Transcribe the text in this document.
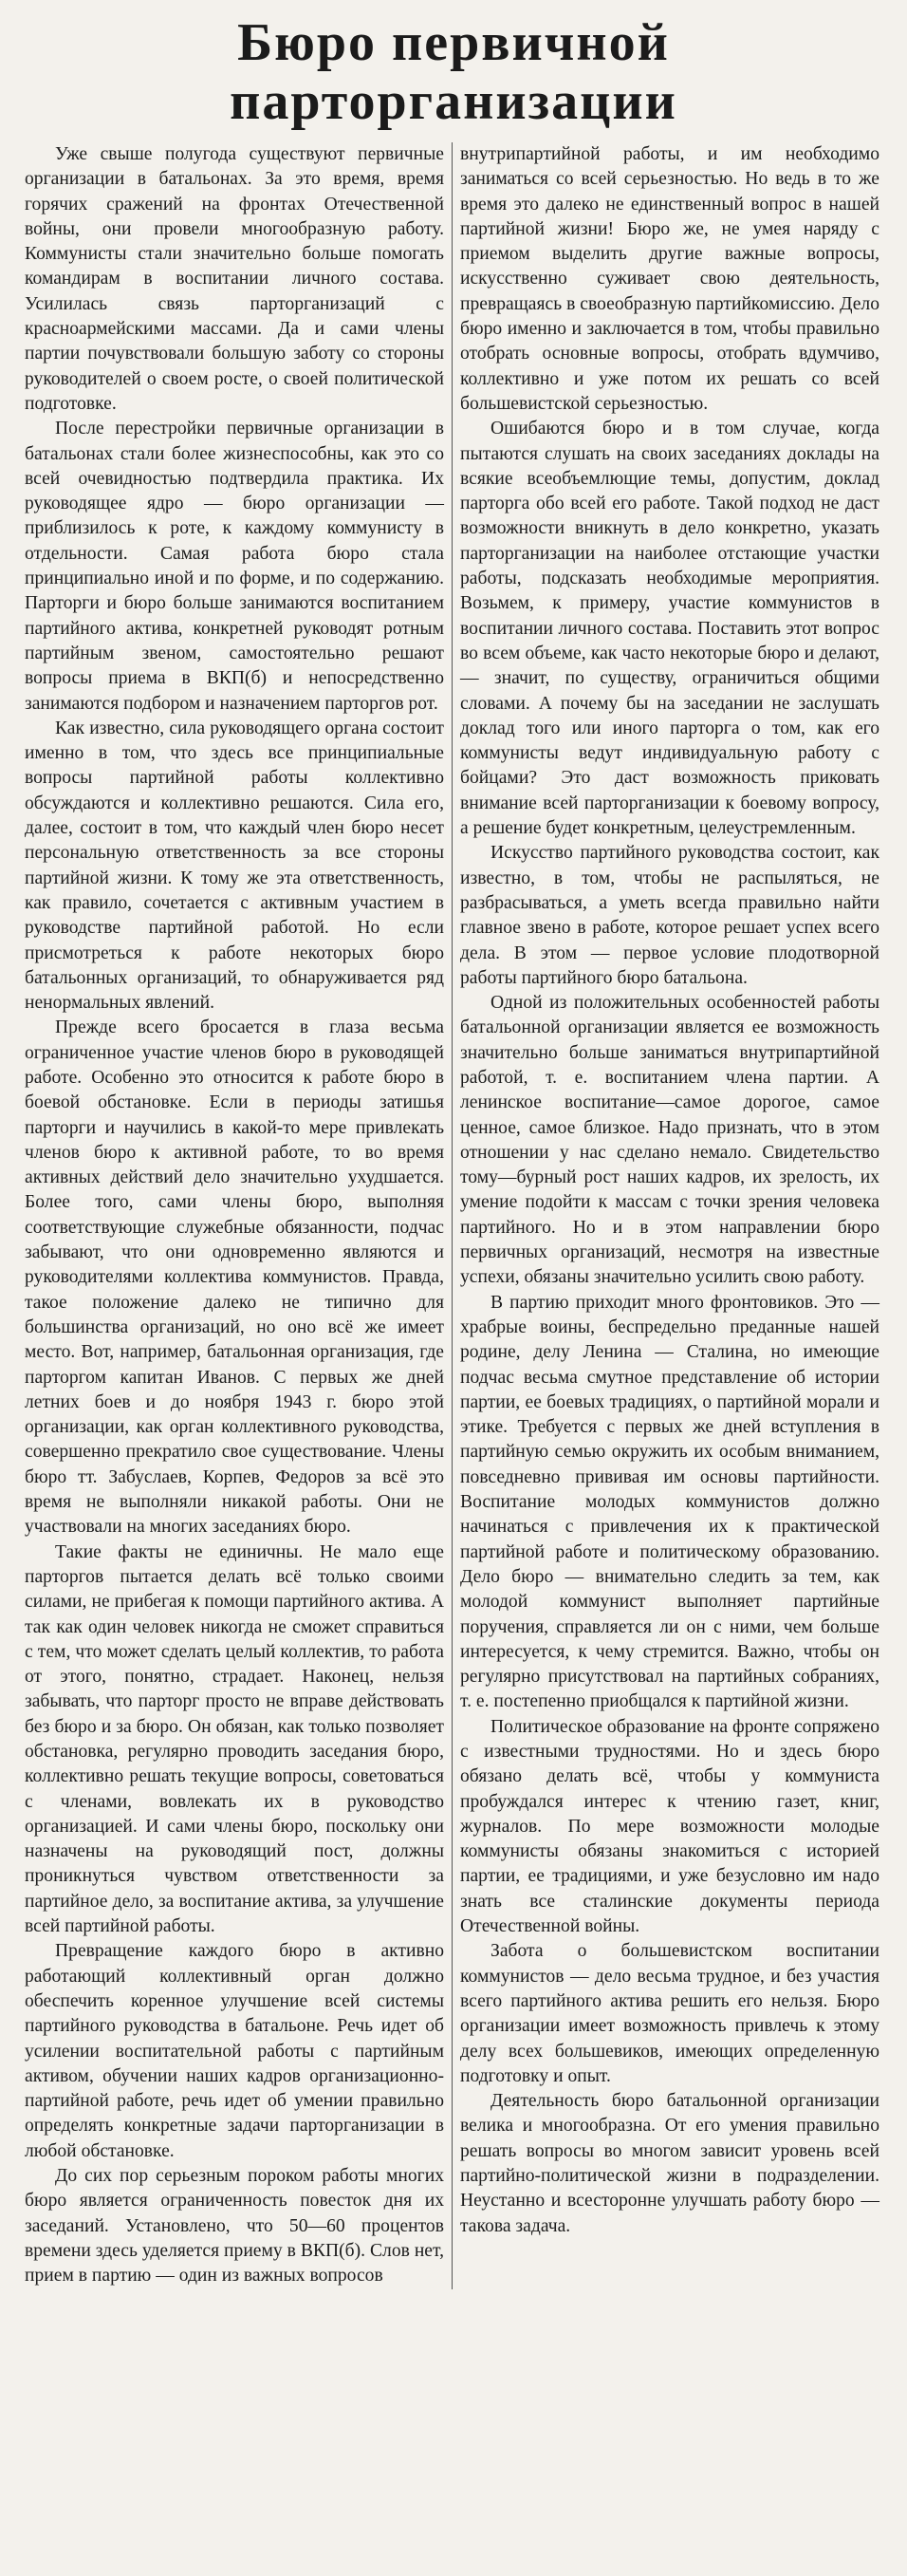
Бюро первичной
парторганизации

Уже свыше полугода существуют первичные организации в батальонах. За это время, время горячих сражений на фронтах Отечественной войны, они провели многообразную работу. Коммунисты стали значительно больше помогать командирам в воспитании личного состава. Усилилась связь парторганизаций с красноармейскими массами. Да и сами члены партии почувствовали большую заботу со стороны руководителей о своем росте, о своей политической подготовке.

После перестройки первичные организации в батальонах стали более жизнеспособны, как это со всей очевидностью подтвердила практика. Их руководящее ядро — бюро организации — приблизилось к роте, к каждому коммунисту в отдельности. Самая работа бюро стала принципиально иной и по форме, и по содержанию. Парторги и бюро больше занимаются воспитанием партийного актива, конкретней руководят ротным партийным звеном, самостоятельно решают вопросы приема в ВКП(б) и непосредственно занимаются подбором и назначением парторгов рот.

Как известно, сила руководящего органа состоит именно в том, что здесь все принципиальные вопросы партийной работы коллективно обсуждаются и коллективно решаются. Сила его, далее, состоит в том, что каждый член бюро несет персональную ответственность за все стороны партийной жизни. К тому же эта ответственность, как правило, сочетается с активным участием в руководстве партийной работой. Но если присмотреться к работе некоторых бюро батальонных организаций, то обнаруживается ряд ненормальных явлений.

Прежде всего бросается в глаза весьма ограниченное участие членов бюро в руководящей работе. Особенно это относится к работе бюро в боевой обстановке. Если в периоды затишья парторги и научились в какой-то мере привлекать членов бюро к активной работе, то во время активных действий дело значительно ухудшается. Более того, сами члены бюро, выполняя соответствующие служебные обязанности, подчас забывают, что они одновременно являются и руководителями коллектива коммунистов. Правда, такое положение далеко не типично для большинства организаций, но оно всё же имеет место. Вот, например, батальонная организация, где парторгом капитан Иванов. С первых же дней летних боев и до ноября 1943 г. бюро этой организации, как орган коллективного руководства, совершенно прекратило свое существование. Члены бюро тт. Забуслаев, Корпев, Федоров за всё это время не выполняли никакой работы. Они не участвовали на многих заседаниях бюро.

Такие факты не единичны. Не мало еще парторгов пытается делать всё только своими силами, не прибегая к помощи партийного актива. А так как один человек никогда не сможет справиться с тем, что может сделать целый коллектив, то работа от этого, понятно, страдает. Наконец, нельзя забывать, что парторг просто не вправе действовать без бюро и за бюро. Он обязан, как только позволяет обстановка, регулярно проводить заседания бюро, коллективно решать текущие вопросы, советоваться с членами, вовлекать их в руководство организацией. И сами члены бюро, поскольку они назначены на руководящий пост, должны проникнуться чувством ответственности за партийное дело, за воспитание актива, за улучшение всей партийной работы.

Превращение каждого бюро в активно работающий коллективный орган должно обеспечить коренное улучшение всей системы партийного руководства в батальоне. Речь идет об усилении воспитательной работы с партийным активом, обучении наших кадров организационно-партийной работе, речь идет об умении правильно определять конкретные задачи парторганизации в любой обстановке.

До сих пор серьезным пороком работы многих бюро является ограниченность повесток дня их заседаний. Установлено, что 50—60 процентов времени здесь уделяется приему в ВКП(б). Слов нет, прием в партию — один из важных вопросов

внутрипартийной работы, и им необходимо заниматься со всей серьезностью. Но ведь в то же время это далеко не единственный вопрос в нашей партийной жизни! Бюро же, не умея наряду с приемом выделить другие важные вопросы, искусственно суживает свою деятельность, превращаясь в своеобразную партийкомиссию. Дело бюро именно и заключается в том, чтобы правильно отобрать основные вопросы, отобрать вдумчиво, коллективно и уже потом их решать со всей большевистской серьезностью.

Ошибаются бюро и в том случае, когда пытаются слушать на своих заседаниях доклады на всякие всеобъемлющие темы, допустим, доклад парторга обо всей его работе. Такой подход не даст возможности вникнуть в дело конкретно, указать парторганизации на наиболее отстающие участки работы, подсказать необходимые мероприятия. Возьмем, к примеру, участие коммунистов в воспитании личного состава. Поставить этот вопрос во всем объеме, как часто некоторые бюро и делают, — значит, по существу, ограничиться общими словами. А почему бы на заседании не заслушать доклад того или иного парторга о том, как его коммунисты ведут индивидуальную работу с бойцами? Это даст возможность приковать внимание всей парторганизации к боевому вопросу, а решение будет конкретным, целеустремленным.

Искусство партийного руководства состоит, как известно, в том, чтобы не распыляться, не разбрасываться, а уметь всегда правильно найти главное звено в работе, которое решает успех всего дела. В этом — первое условие плодотворной работы партийного бюро батальона.

Одной из положительных особенностей работы батальонной организации является ее возможность значительно больше заниматься внутрипартийной работой, т. е. воспитанием члена партии. А ленинское воспитание—самое дорогое, самое ценное, самое близкое. Надо признать, что в этом отношении у нас сделано немало. Свидетельство тому—бурный рост наших кадров, их зрелость, их умение подойти к массам с точки зрения человека партийного. Но и в этом направлении бюро первичных организаций, несмотря на известные успехи, обязаны значительно усилить свою работу.

В партию приходит много фронтовиков. Это — храбрые воины, беспредельно преданные нашей родине, делу Ленина — Сталина, но имеющие подчас весьма смутное представление об истории партии, ее боевых традициях, о партийной морали и этике. Требуется с первых же дней вступления в партийную семью окружить их особым вниманием, повседневно прививая им основы партийности. Воспитание молодых коммунистов должно начинаться с привлечения их к практической партийной работе и политическому образованию. Дело бюро — внимательно следить за тем, как молодой коммунист выполняет партийные поручения, справляется ли он с ними, чем больше интересуется, к чему стремится. Важно, чтобы он регулярно присутствовал на партийных собраниях, т. е. постепенно приобщался к партийной жизни.

Политическое образование на фронте сопряжено с известными трудностями. Но и здесь бюро обязано делать всё, чтобы у коммуниста пробуждался интерес к чтению газет, книг, журналов. По мере возможности молодые коммунисты обязаны знакомиться с историей партии, ее традициями, и уже безусловно им надо знать все сталинские документы периода Отечественной войны.

Забота о большевистском воспитании коммунистов — дело весьма трудное, и без участия всего партийного актива решить его нельзя. Бюро организации имеет возможность привлечь к этому делу всех большевиков, имеющих определенную подготовку и опыт.

Деятельность бюро батальонной организации велика и многообразна. От его умения правильно решать вопросы во многом зависит уровень всей партийно-политической жизни в подразделении. Неустанно и всесторонне улучшать работу бюро — такова задача.
